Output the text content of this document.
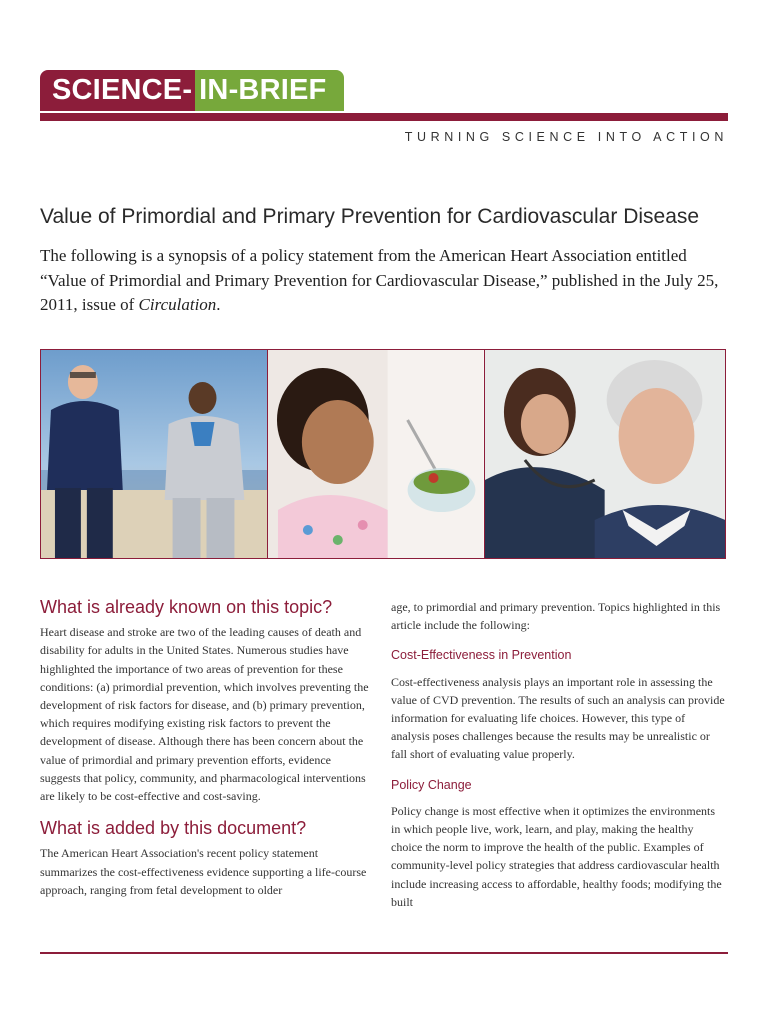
SCIENCE- IN-BRIEF
TURNING SCIENCE INTO ACTION
Value of Primordial and Primary Prevention for Cardiovascular Disease
The following is a synopsis of a policy statement from the American Heart Association entitled “Value of Primordial and Primary Prevention for Cardiovascular Disease,” published in the July 25, 2011, issue of Circulation.
What is already known on this topic?

Heart disease and stroke are two of the leading causes of death and disability for adults in the United States. Numerous studies have highlighted the importance of two areas of prevention for these conditions: (a) primordial prevention, which involves preventing the development of risk factors for disease, and (b) primary prevention, which requires modifying existing risk factors to prevent the development of disease. Although there has been concern about the value of primordial and primary prevention efforts, evidence suggests that policy, community, and pharmacological interventions are likely to be cost-effective and cost-saving.

What is added by this document?

The American Heart Association's recent policy statement summarizes the cost-effectiveness evidence supporting a life-course approach, ranging from fetal development to older

age, to primordial and primary prevention. Topics highlighted in this article include the following:

Cost-Effectiveness in Prevention

Cost-effectiveness analysis plays an important role in assessing the value of CVD prevention. The results of such an analysis can provide information for evaluating life choices. However, this type of analysis poses challenges because the results may be unrealistic or fall short of evaluating value properly.

Policy Change

Policy change is most effective when it optimizes the environments in which people live, work, learn, and play, making the healthy choice the norm to improve the health of the public. Examples of community-level policy strategies that address cardiovascular health include increasing access to affordable, healthy foods; modifying the built
